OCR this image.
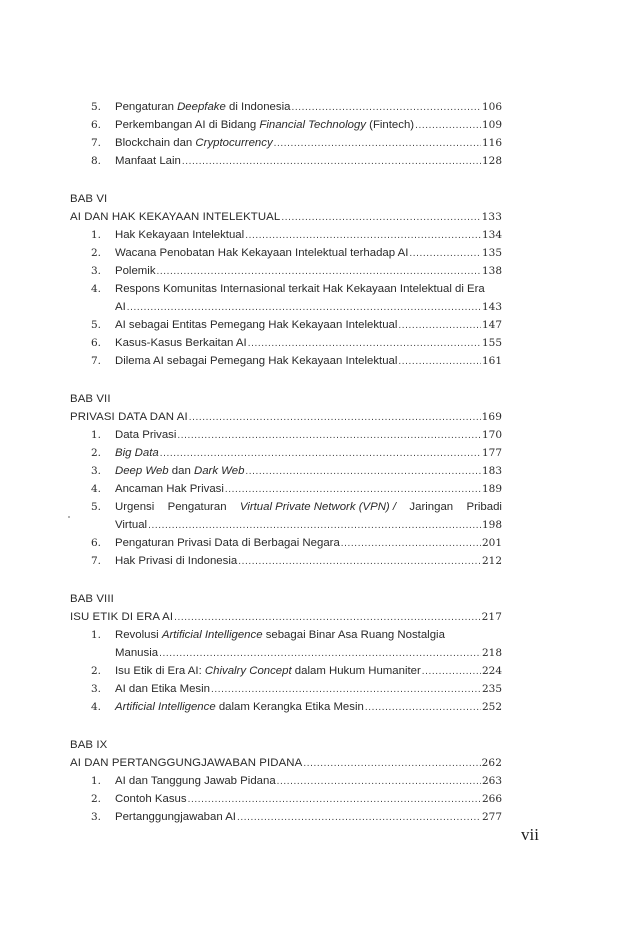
5. Pengaturan Deepfake di Indonesia .....	106
6. Perkembangan AI di Bidang Financial Technology (Fintech) .....	109
7. Blockchain dan Cryptocurrency .....	116
8. Manfaat Lain .....	128
BAB VI
AI DAN HAK KEKAYAAN INTELEKTUAL .....	133
1. Hak Kekayaan Intelektual .....	134
2. Wacana Penobatan Hak Kekayaan Intelektual terhadap AI .....	135
3. Polemik .....	138
4. Respons Komunitas Internasional terkait Hak Kekayaan Intelektual di Era
AI .....	143
5. AI sebagai Entitas Pemegang Hak Kekayaan Intelektual .....	147
6. Kasus-Kasus Berkaitan AI .....	155
7. Dilema AI sebagai Pemegang Hak Kekayaan Intelektual .....	161
BAB VII
PRIVASI DATA DAN AI .....	169
1. Data Privasi .....	170
2. Big Data .....	177
3. Deep Web dan Dark Web .....	183
4. Ancaman Hak Privasi .....	189
5. Urgensi Pengaturan Virtual Private Network (VPN) / Jaringan Pribadi
Virtual .....	198
6. Pengaturan Privasi Data di Berbagai Negara .....	201
7. Hak Privasi di Indonesia .....	212
BAB VIII
ISU ETIK DI ERA AI .....	217
1. Revolusi Artificial Intelligence sebagai Binar Asa Ruang Nostalgia
Manusia .....	218
2. Isu Etik di Era AI: Chivalry Concept dalam Hukum Humaniter .....	224
3. AI dan Etika Mesin .....	235
4. Artificial Intelligence dalam Kerangka Etika Mesin .....	252
BAB IX
AI DAN PERTANGGUNGJAWABAN PIDANA .....	262
1. AI dan Tanggung Jawab Pidana .....	263
2. Contoh Kasus .....	266
3. Pertanggungjawaban AI .....	277
vii
